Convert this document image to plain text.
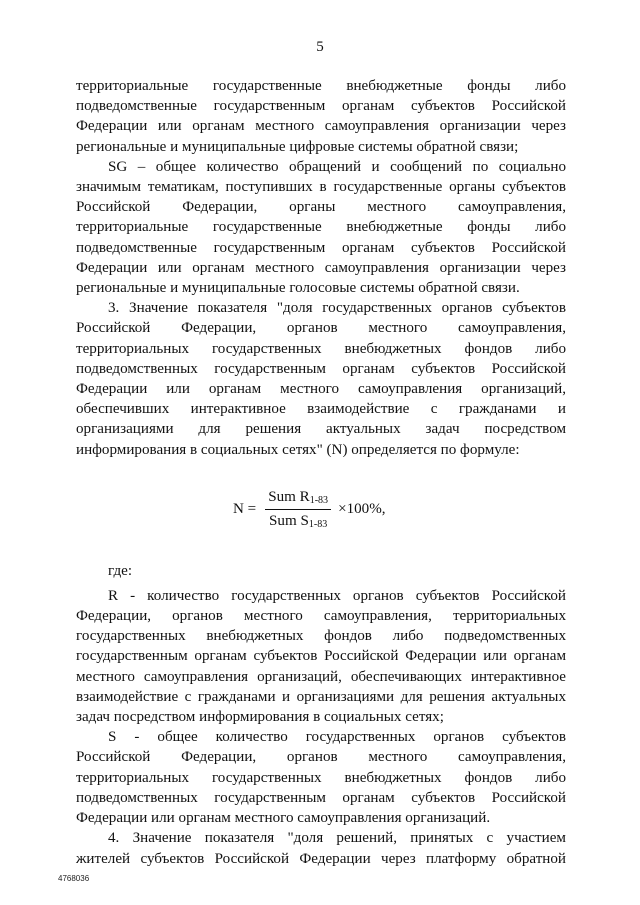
5
территориальные государственные внебюджетные фонды либо
подведомственные государственным органам субъектов Российской
Федерации или органам местного самоуправления организации через
региональные и муниципальные цифровые системы обратной связи;
SG – общее количество обращений и сообщений по социально
значимым тематикам, поступивших в государственные органы субъектов
Российской Федерации, органы местного самоуправления,
территориальные государственные внебюджетные фонды либо
подведомственные государственным органам субъектов Российской
Федерации или органам местного самоуправления организации через
региональные и муниципальные голосовые системы обратной связи.
3. Значение показателя "доля государственных органов субъектов
Российской Федерации, органов местного самоуправления,
территориальных государственных внебюджетных фондов либо
подведомственных государственным органам субъектов Российской
Федерации или органам местного самоуправления организаций,
обеспечивших интерактивное взаимодействие с гражданами и
организациями для решения актуальных задач посредством
информирования в социальных сетях" (N) определяется по формуле:
$N = \frac{Sum R_{1-83}}{Sum S_{1-83}} \times 100\%$,
где:
R - количество государственных органов субъектов Российской
Федерации, органов местного самоуправления, территориальных
государственных внебюджетных фондов либо подведомственных
государственным органам субъектов Российской Федерации или органам
местного самоуправления организаций, обеспечивающих интерактивное
взаимодействие с гражданами и организациями для решения актуальных
задач посредством информирования в социальных сетях;
S - общее количество государственных органов субъектов
Российской Федерации, органов местного самоуправления,
территориальных государственных внебюджетных фондов либо
подведомственных государственным органам субъектов Российской
Федерации или органам местного самоуправления организаций.
4. Значение показателя "доля решений, принятых с участием
жителей субъектов Российской Федерации через платформу обратной
4768036
